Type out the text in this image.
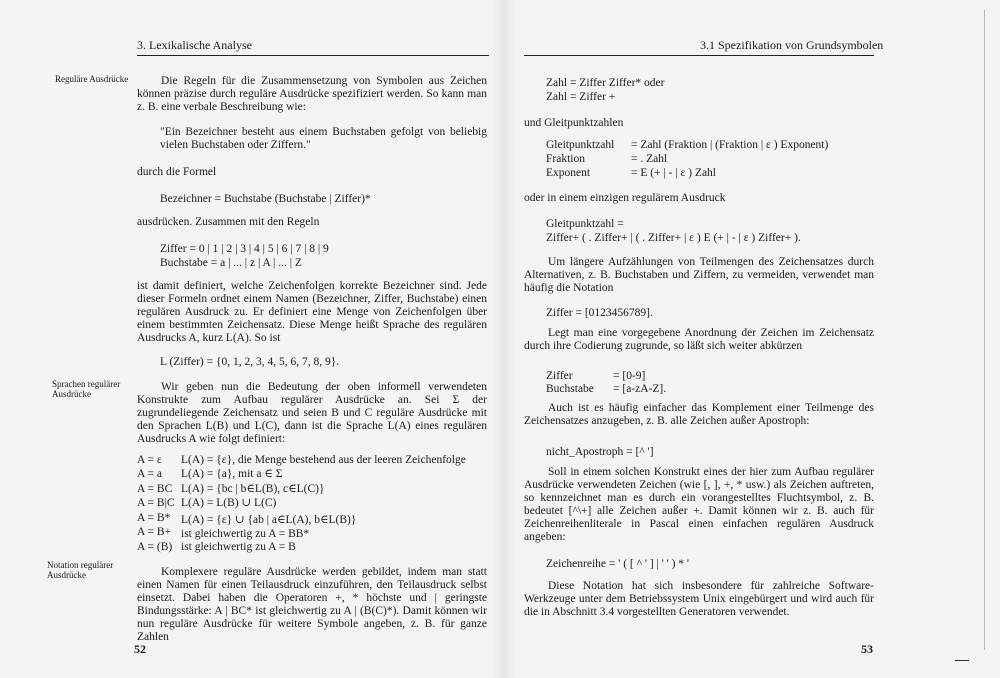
3. Lexikalische Analyse
Reguläre Ausdrücke
Sprachen regulärer Ausdrücke
Notation regulärer Ausdrücke
Die Regeln für die Zusammensetzung von Symbolen aus Zeichen können präzise durch reguläre Ausdrücke spezifiziert werden. So kann man z. B. eine verbale Beschreibung wie:
"Ein Bezeichner besteht aus einem Buchstaben gefolgt von beliebig vielen Buchstaben oder Ziffern."
durch die Formel
Bezeichner = Buchstabe (Buchstabe | Ziffer)*
ausdrücken. Zusammen mit den Regeln
Ziffer = 0 | 1 | 2 | 3 | 4 | 5 | 6 | 7 | 8 | 9
Buchstabe = a | ... | z | A | ... | Z
ist damit definiert, welche Zeichenfolgen korrekte Bezeichner sind. Jede dieser Formeln ordnet einem Namen (Bezeichner, Ziffer, Buchstabe) einen regulären Ausdruck zu. Er definiert eine Menge von Zeichenfolgen über einem bestimmten Zeichensatz. Diese Menge heißt Sprache des regulären Ausdrucks A, kurz L(A). So ist
L (Ziffer) = {0, 1, 2, 3, 4, 5, 6, 7, 8, 9}.
Wir geben nun die Bedeutung der oben informell verwendeten Konstrukte zum Aufbau regulärer Ausdrücke an. Sei Σ der zugrundeliegende Zeichensatz und seien B und C reguläre Ausdrücke mit den Sprachen L(B) und L(C), dann ist die Sprache L(A) eines regulären Ausdrucks A wie folgt definiert:
A = ε L(A) = {ε}, die Menge bestehend aus der leeren Zeichenfolge
A = a L(A) = {a}, mit a ∈ Σ
A = BC L(A) = {bc | b∈L(B), c∈L(C)}
A = B|C L(A) = L(B) ∪ L(C)
A = B* L(A) = {ε} ∪ {ab | a∈L(A), b∈L(B)}
A = B+ ist gleichwertig zu A = BB*
A = (B) ist gleichwertig zu A = B
Komplexere reguläre Ausdrücke werden gebildet, indem man statt einen Namen für einen Teilausdruck einzuführen, den Teilausdruck selbst einsetzt. Dabei haben die Operatoren +, * höchste und | geringste Bindungsstärke: A | BC* ist gleichwertig zu A | (B(C)*). Damit können wir nun reguläre Ausdrücke für weitere Symbole angeben, z. B. für ganze Zahlen
52
3.1 Spezifikation von Grundsymbolen
Zahl = Ziffer Ziffer* oder
Zahl = Ziffer +
und Gleitpunktzahlen
Gleitpunktzahl = Zahl (Fraktion | (Fraktion | ε ) Exponent)
Fraktion	= . Zahl
Exponent	= E (+ | - | ε ) Zahl
oder in einem einzigen regulärem Ausdruck
Gleitpunktzahl =
Ziffer+ ( . Ziffer+ | ( . Ziffer+ | ε ) E (+ | - | ε ) Ziffer+ ).
Um längere Aufzählungen von Teilmengen des Zeichensatzes durch Alternativen, z. B. Buchstaben und Ziffern, zu vermeiden, verwendet man häufig die Notation
Ziffer = [0123456789].
Legt man eine vorgegebene Anordnung der Zeichen im Zeichensatz durch ihre Codierung zugrunde, so läßt sich weiter abkürzen
Ziffer	= [0-9]
Buchstabe = [a-zA-Z].
Auch ist es häufig einfacher das Komplement einer Teilmenge des Zeichensatzes anzugeben, z. B. alle Zeichen außer Apostroph:
nicht_Apostroph = [^ ']
Soll in einem solchen Konstrukt eines der hier zum Aufbau regulärer Ausdrücke verwendeten Zeichen (wie [, ], +, * usw.) als Zeichen auftreten, so kennzeichnet man es durch ein vorangestelltes Fluchtsymbol, z. B. bedeutet [^\+] alle Zeichen außer +. Damit können wir z. B. auch für Zeichenreihenliterale in Pascal einen einfachen regulären Ausdruck angeben:
Zeichenreihe = ' ( [ ^ ' ] | ' ' ) * '
Diese Notation hat sich insbesondere für zahlreiche Software-Werkzeuge unter dem Betriebssystem Unix eingebürgert und wird auch für die in Abschnitt 3.4 vorgestellten Generatoren verwendet.
53
